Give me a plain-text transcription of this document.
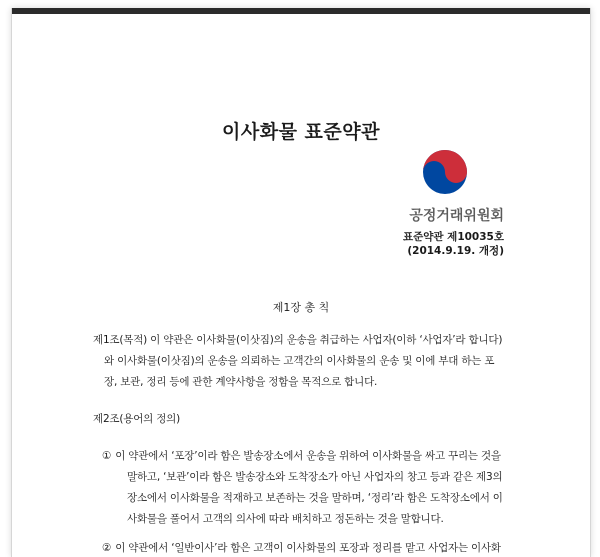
이사화물 표준약관
공정거래위원회
표준약관 제10035호
(2014.9.19. 개정)
제1장 총 칙
제1조(목적) 이 약관은 이사화물(이삿짐)의 운송을 취급하는 사업자(이하 ‘사업자’라 합니다)
와 이사화물(이삿짐)의 운송을 의뢰하는 고객간의 이사화물의 운송 및 이에 부대 하는 포
장, 보관, 정리 등에 관한 계약사항을 정함을 목적으로 합니다.
제2조(용어의 정의)
① 이 약관에서 ‘포장’이라 함은 발송장소에서 운송을 위하여 이사화물을 싸고 꾸리는 것을
말하고, ‘보관’이라 함은 발송장소와 도착장소가 아닌 사업자의 창고 등과 같은 제3의
장소에서 이사화물을 적재하고 보존하는 것을 말하며, ‘정리’라 함은 도착장소에서 이
사화물을 풀어서 고객의 의사에 따라 배치하고 정돈하는 것을 말합니다.
② 이 약관에서 ‘일반이사’라 함은 고객이 이사화물의 포장과 정리를 맡고 사업자는 이사화
